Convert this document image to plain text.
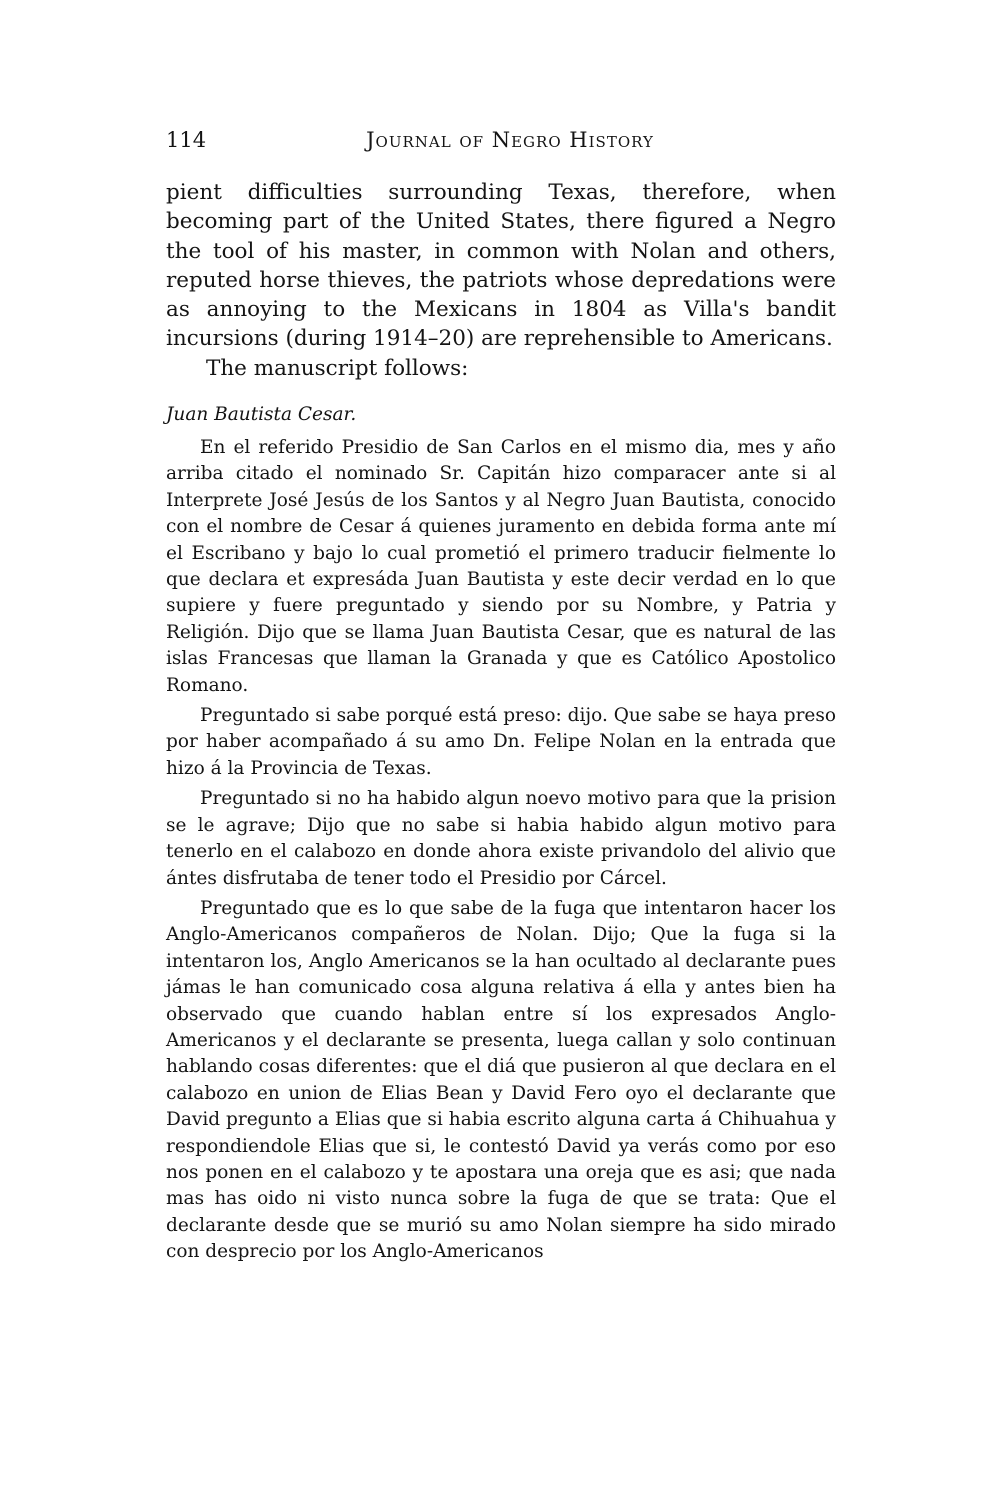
114	Journal of Negro History

pient difficulties surrounding Texas, therefore, when becoming part of the United States, there figured a Negro the tool of his master, in common with Nolan and others, reputed horse thieves, the patriots whose depredations were as annoying to the Mexicans in 1804 as Villa's bandit incursions (during 1914–20) are reprehensible to Americans.

The manuscript follows:

Juan Bautista Cesar.

En el referido Presidio de San Carlos en el mismo dia, mes y año arriba citado el nominado Sr. Capitán hizo comparacer ante si al Interprete José Jesús de los Santos y al Negro Juan Bautista, conocido con el nombre de Cesar á quienes juramento en debida forma ante mí el Escribano y bajo lo cual prometió el primero traducir fielmente lo que declara et expresáda Juan Bautista y este decir verdad en lo que supiere y fuere preguntado y siendo por su Nombre, y Patria y Religión. Dijo que se llama Juan Bautista Cesar, que es natural de las islas Francesas que llaman la Granada y que es Católico Apostolico Romano.

Preguntado si sabe porqué está preso: dijo. Que sabe se haya preso por haber acompañado á su amo Dn. Felipe Nolan en la entrada que hizo á la Provincia de Texas.

Preguntado si no ha habido algun noevo motivo para que la prision se le agrave; Dijo que no sabe si habia habido algun motivo para tenerlo en el calabozo en donde ahora existe privandolo del alivio que ántes disfrutaba de tener todo el Presidio por Cárcel.

Preguntado que es lo que sabe de la fuga que intentaron hacer los Anglo-Americanos compañeros de Nolan. Dijo; Que la fuga si la intentaron los, Anglo Americanos se la han ocultado al declarante pues jámas le han comunicado cosa alguna relativa á ella y antes bien ha observado que cuando hablan entre sí los expresados Anglo-Americanos y el declarante se presenta, luega callan y solo continuan hablando cosas diferentes: que el diá que pusieron al que declara en el calabozo en union de Elias Bean y David Fero oyo el declarante que David pregunto a Elias que si habia escrito alguna carta á Chihuahua y respondiendole Elias que si, le contestó David ya verás como por eso nos ponen en el calabozo y te apostara una oreja que es asi; que nada mas has oido ni visto nunca sobre la fuga de que se trata: Que el declarante desde que se murió su amo Nolan siempre ha sido mirado con desprecio por los Anglo-Americanos
